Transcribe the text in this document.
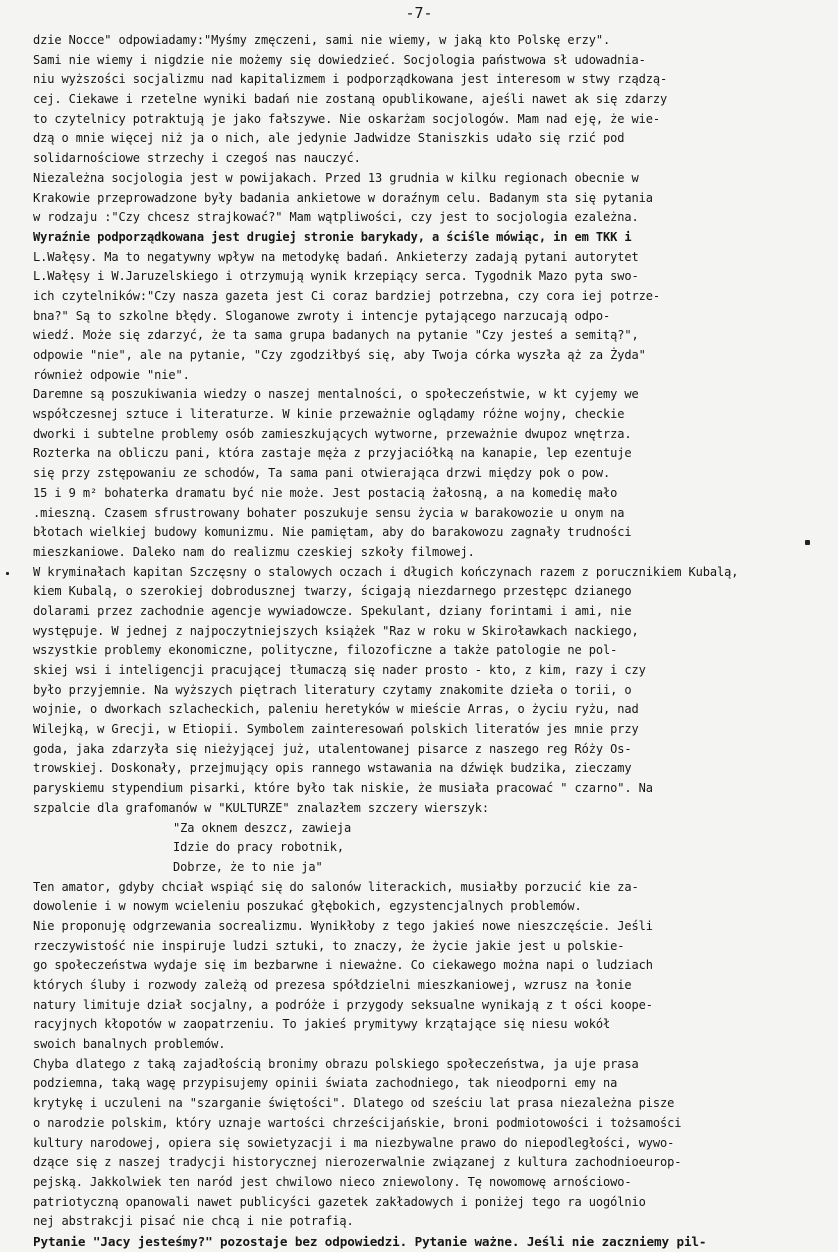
-7-
dzie Nocce" odpowiadamy:"Myśmy zmęczeni, sami nie wiemy, w jaką kto Polskę erzy".
Sami nie wiemy i nigdzie nie możemy się dowiedzieć. Socjologia państwowa sł udowadnia-
niu wyższości socjalizmu nad kapitalizmem i podporządkowana jest interesom w stwy rządzą-
cej. Ciekawe i rzetelne wyniki badań nie zostaną opublikowane, ajeśli nawet ak się zdarzy
to czytelnicy potraktują je jako fałszywe. Nie oskarżam socjologów. Mam nad eję, że wie-
dzą o mnie więcej niż ja o nich, ale jedynie Jadwidze Staniszkis udało się rzić pod
solidarnościowe strzechy i czegoś nas nauczyć.
Niezależna socjologia jest w powijakach. Przed 13 grudnia w kilku regionach obecnie w
Krakowie przeprowadzone były badania ankietowe w doraźnym celu. Badanym sta się pytania
w rodzaju :"Czy chcesz strajkować?" Mam wątpliwości, czy jest to socjologia ezależna.
Wyraźnie podporządkowana jest drugiej stronie barykady, a ściśle mówiąc, in em TKK i
L.Wałęsy. Ma to negatywny wpływ na metodykę badań. Ankieterzy zadają pytani autorytet
L.Wałęsy i W.Jaruzelskiego i otrzymują wynik krzepiący serca. Tygodnik Mazo pyta swo-
ich czytelników:"Czy nasza gazeta jest Ci coraz bardziej potrzebna, czy cora iej potrze-
bna?" Są to szkolne błędy. Sloganowe zwroty i intencje pytającego narzucają odpo-
wiedź. Może się zdarzyć, że ta sama grupa badanych na pytanie "Czy jesteś a semitą?",
odpowie "nie", ale na pytanie, "Czy zgodziłbyś się, aby Twoja córka wyszła ąż za Żyda"
również odpowie "nie".
Daremne są poszukiwania wiedzy o naszej mentalności, o społeczeństwie, w kt cyjemy we
współczesnej sztuce i literaturze. W kinie przeważnie oglądamy różne wojny, checkie
dworki i subtelne problemy osób zamieszkujących wytworne, przeważnie dwupoz wnętrza.
Rozterka na obliczu pani, która zastaje męża z przyjaciółką na kanapie, lep ezentuje
się przy zstępowaniu ze schodów, Ta sama pani otwierająca drzwi między pok o pow.
15 i 9 m² bohaterka dramatu być nie może. Jest postacią żałosną, a na komedię mało
.mieszną. Czasem sfrustrowany bohater poszukuje sensu życia w barakowozie u onym na
błotach wielkiej budowy komunizmu. Nie pamiętam, aby do barakowozu zagnały trudności
mieszkaniowe. Daleko nam do realizmu czeskiej szkoły filmowej.
W kryminałach kapitan Szczęsny o stalowych oczach i długich kończynach razem z porucznikiem Kubalą,
kiem Kubalą, o szerokiej dobrodusznej twarzy, ścigają niezdarnego przestępc dzianego
dolarami przez zachodnie agencje wywiadowcze. Spekulant, dziany forintami i ami, nie
występuje. W jednej z najpoczytniejszych książek "Raz w roku w Skiroławkach nackiego,
wszystkie problemy ekonomiczne, polityczne, filozoficzne a także patologie ne pol-
skiej wsi i inteligencji pracującej tłumaczą się nader prosto - kto, z kim, razy i czy
było przyjemnie. Na wyższych piętrach literatury czytamy znakomite dzieła o torii, o
wojnie, o dworkach szlacheckich, paleniu heretyków w mieście Arras, o życiu ryżu, nad
Wilejką, w Grecji, w Etiopii. Symbolem zainteresowań polskich literatów jes mnie przy
goda, jaka zdarzyła się nieżyjącej już, utalentowanej pisarce z naszego reg Róży Os-
trowskiej. Doskonały, przejmujący opis rannego wstawania na dźwięk budzika, zieczamy
paryskiemu stypendium pisarki, które było tak niskie, że musiała pracować " czarno". Na
szpalcie dla grafomanów w "KULTURZE" znalazłem szczery wierszyk:
"Za oknem deszcz, zawieja
Idzie do pracy robotnik,
Dobrze, że to nie ja"
Ten amator, gdyby chciał wspiąć się do salonów literackich, musiałby porzucić kie za-
dowolenie i w nowym wcieleniu poszukać głębokich, egzystencjalnych problemów.
Nie proponuję odgrzewania socrealizmu. Wynikłoby z tego jakieś nowe nieszczęście. Jeśli
rzeczywistość nie inspiruje ludzi sztuki, to znaczy, że życie jakie jest u polskie-
go społeczeństwa wydaje się im bezbarwne i nieważne. Co ciekawego można napi o ludziach
których śluby i rozwody zależą od prezesa spółdzielni mieszkaniowej, wzrusz na łonie
natury limituje dział socjalny, a podróże i przygody seksualne wynikają z t ości koope-
racyjnych kłopotów w zaopatrzeniu. To jakieś prymitywy krzątające się niesu wokół
swoich banalnych problemów.
Chyba dlatego z taką zajadłością bronimy obrazu polskiego społeczeństwa, ja uje prasa
podziemna, taką wagę przypisujemy opinii świata zachodniego, tak nieodporni emy na
krytykę i uczuleni na "szarganie świętości". Dlatego od sześciu lat prasa niezależna pisze
o narodzie polskim, który uznaje wartości chrześcijańskie, broni podmiotowości i tożsamości
kultury narodowej, opiera się sowietyzacji i ma niezbywalne prawo do niepodległości, wywo-
dzące się z naszej tradycji historycznej nierozerwalnie związanej z kultura zachodnioeurop-
pejską. Jakkolwiek ten naród jest chwilowo nieco zniewolony. Tę nowomowę arnościowo-
patriotyczną opanowali nawet publicyści gazetek zakładowych i poniżej tego ra uogólnio
nej abstrakcji pisać nie chcą i nie potrafią.
Pytanie "Jacy jesteśmy?" pozostaje bez odpowiedzi. Pytanie ważne. Jeśli nie zaczniemy pil-
